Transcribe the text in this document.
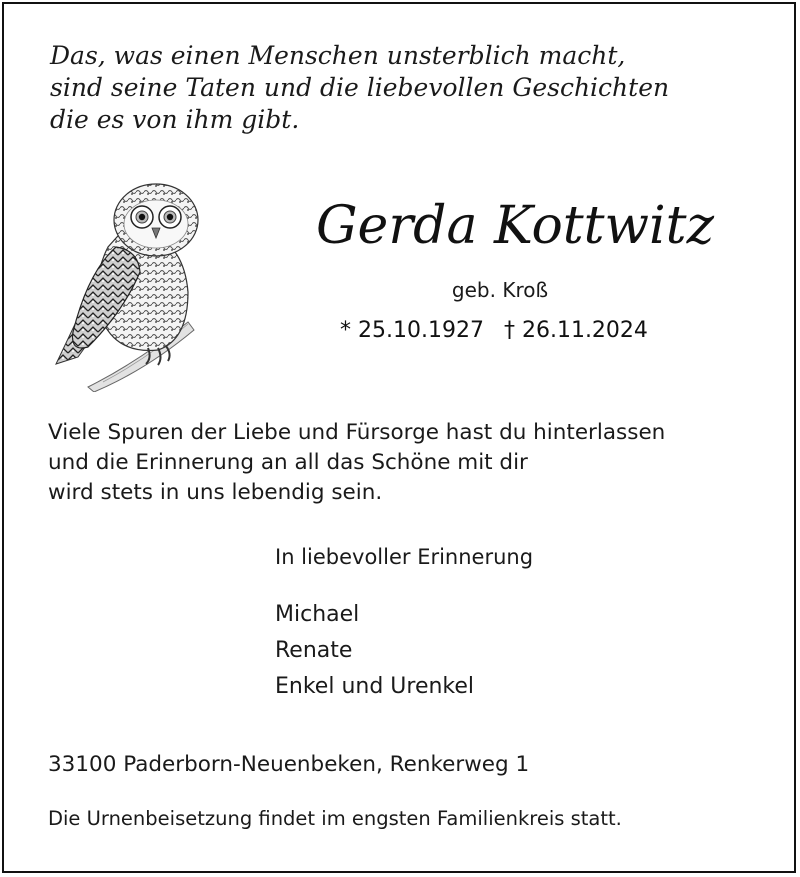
Das, was einen Menschen unsterblich macht,
sind seine Taten und die liebevollen Geschichten
die es von ihm gibt.
Gerda Kottwitz
geb. Kroß
* 25.10.1927 † 26.11.2024
Viele Spuren der Liebe und Fürsorge hast du hinterlassen
und die Erinnerung an all das Schöne mit dir
wird stets in uns lebendig sein.
In liebevoller Erinnerung
Michael
Renate
Enkel und Urenkel
33100 Paderborn-Neuenbeken, Renkerweg 1
Die Urnenbeisetzung findet im engsten Familienkreis statt.
